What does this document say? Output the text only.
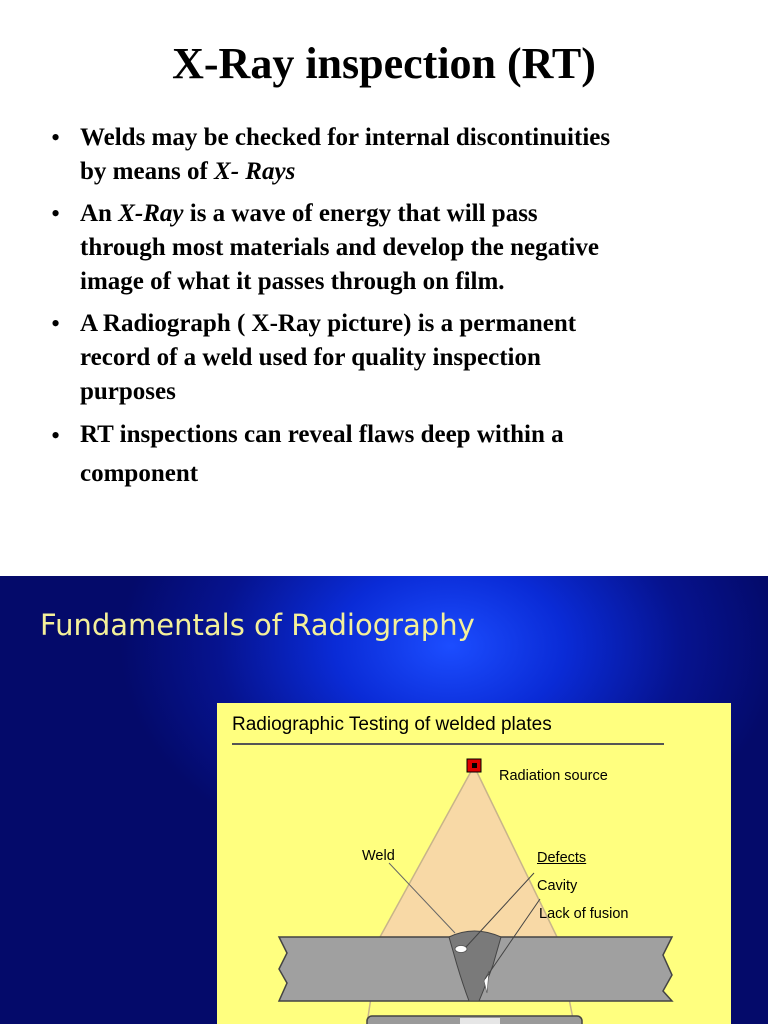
X-Ray inspection (RT)
• Welds may be checked for internal discontinuities
by means of X- Rays
• An X-Ray is a wave of energy that will pass
through most materials and develop the negative
image of what it passes through on film.
• A Radiograph ( X-Ray picture) is a permanent
record of a weld used for quality inspection
purposes
• RT inspections can reveal flaws deep within a
component
Fundamentals of Radiography
Radiographic Testing of welded plates
Radiation source
Weld	Defects
Cavity
Lack of fusion
